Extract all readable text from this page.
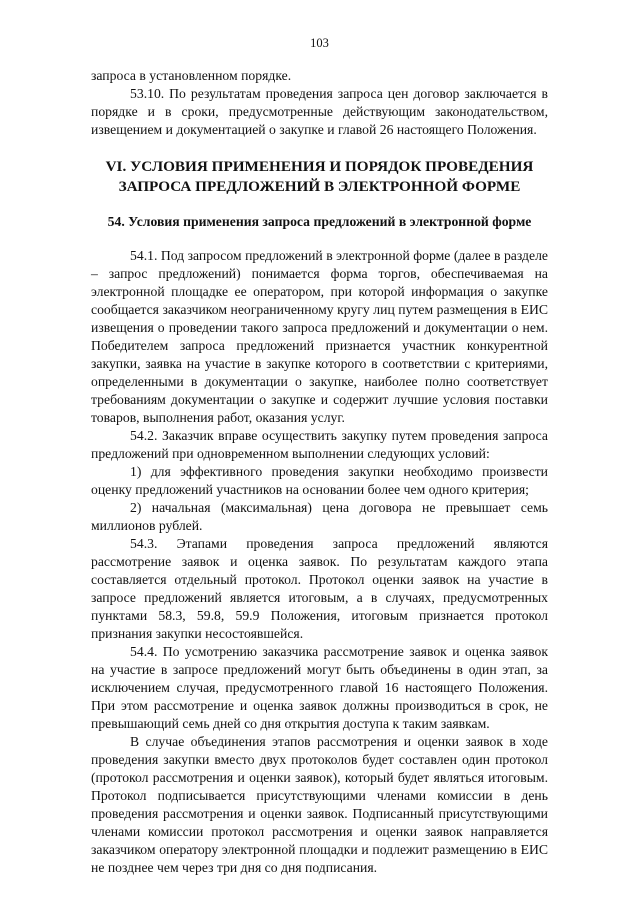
103

запроса в установленном порядке.

53.10. По результатам проведения запроса цен договор заключается в порядке и в сроки, предусмотренные действующим законодательством, извещением и документацией о закупке и главой 26 настоящего Положения.

VI. УСЛОВИЯ ПРИМЕНЕНИЯ И ПОРЯДОК ПРОВЕДЕНИЯ ЗАПРОСА ПРЕДЛОЖЕНИЙ В ЭЛЕКТРОННОЙ ФОРМЕ
54. Условия применения запроса предложений в электронной форме

54.1. Под запросом предложений в электронной форме (далее в разделе – запрос предложений) понимается форма торгов, обеспечиваемая на электронной площадке ее оператором, при которой информация о закупке сообщается заказчиком неограниченному кругу лиц путем размещения в ЕИС извещения о проведении такого запроса предложений и документации о нем. Победителем запроса предложений признается участник конкурентной закупки, заявка на участие в закупке которого в соответствии с критериями, определенными в документации о закупке, наиболее полно соответствует требованиям документации о закупке и содержит лучшие условия поставки товаров, выполнения работ, оказания услуг.

54.2. Заказчик вправе осуществить закупку путем проведения запроса предложений при одновременном выполнении следующих условий:

1) для эффективного проведения закупки необходимо произвести оценку предложений участников на основании более чем одного критерия;

2) начальная (максимальная) цена договора не превышает семь миллионов рублей.

54.3. Этапами проведения запроса предложений являются рассмотрение заявок и оценка заявок. По результатам каждого этапа составляется отдельный протокол. Протокол оценки заявок на участие в запросе предложений является итоговым, а в случаях, предусмотренных пунктами 58.3, 59.8, 59.9 Положения, итоговым признается протокол признания закупки несостоявшейся.

54.4. По усмотрению заказчика рассмотрение заявок и оценка заявок на участие в запросе предложений могут быть объединены в один этап, за исключением случая, предусмотренного главой 16 настоящего Положения. При этом рассмотрение и оценка заявок должны производиться в срок, не превышающий семь дней со дня открытия доступа к таким заявкам.

В случае объединения этапов рассмотрения и оценки заявок в ходе проведения закупки вместо двух протоколов будет составлен один протокол (протокол рассмотрения и оценки заявок), который будет являться итоговым. Протокол подписывается присутствующими членами комиссии в день проведения рассмотрения и оценки заявок. Подписанный присутствующими членами комиссии протокол рассмотрения и оценки заявок направляется заказчиком оператору электронной площадки и подлежит размещению в ЕИС не позднее чем через три дня со дня подписания.
